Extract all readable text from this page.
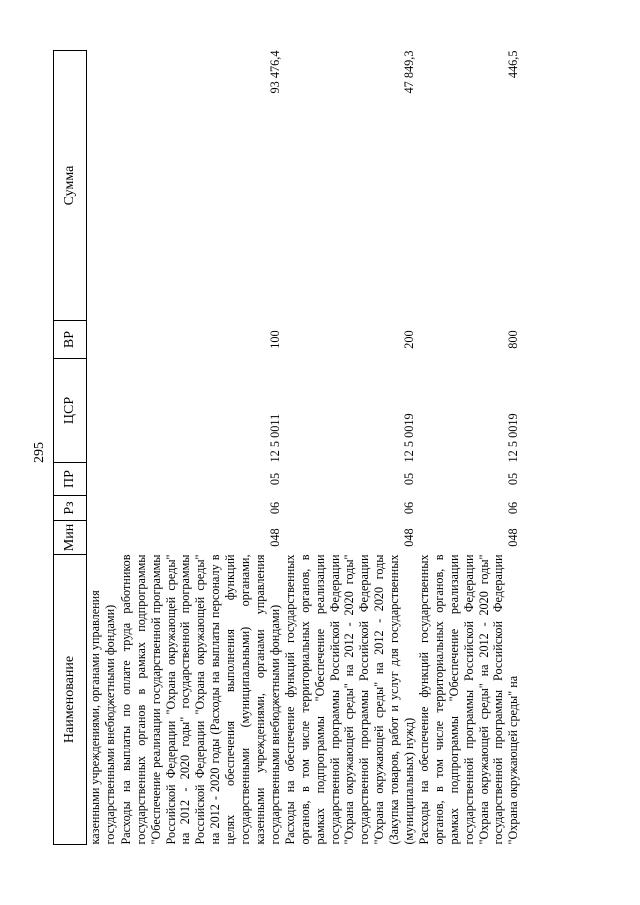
295
Наименование	Мин	Рз	ПР	ЦСР	ВР	Сумма

казенными учреждениями, органами управления государственными внебюджетными фондами)						

Расходы на выплаты по оплате труда работников государственных органов в рамках подпрограммы "Обеспечение реализации государственной программы Российской Федерации "Охрана окружающей среды" на 2012 - 2020 годы" государственной программы Российской Федерации "Охрана окружающей среды" на 2012 - 2020 годы (Расходы на выплаты персоналу в целях обеспечения выполнения функций государственными (муниципальными) органами, казенными учреждениями, органами управления государственными внебюджетными фондами)	048	06	05	12 5 0011	100	93 476,4
Расходы на обеспечение функций государственных органов, в том числе территориальных органов, в рамках подпрограммы "Обеспечение реализации государственной программы Российской Федерации "Охрана окружающей среды" на 2012 - 2020 годы" государственной программы Российской Федерации "Охрана окружающей среды" на 2012 - 2020 годы (Закупка товаров, работ и услуг для государственных (муниципальных) нужд)	048	06	05	12 5 0019	200	47 849,3
Расходы на обеспечение функций государственных органов, в том числе территориальных органов, в рамках подпрограммы "Обеспечение реализации государственной программы Российской Федерации "Охрана окружающей среды" на 2012 - 2020 годы" государственной программы Российской Федерации "Охрана окружающей среды" на	048	06	05	12 5 0019	800	446,5
